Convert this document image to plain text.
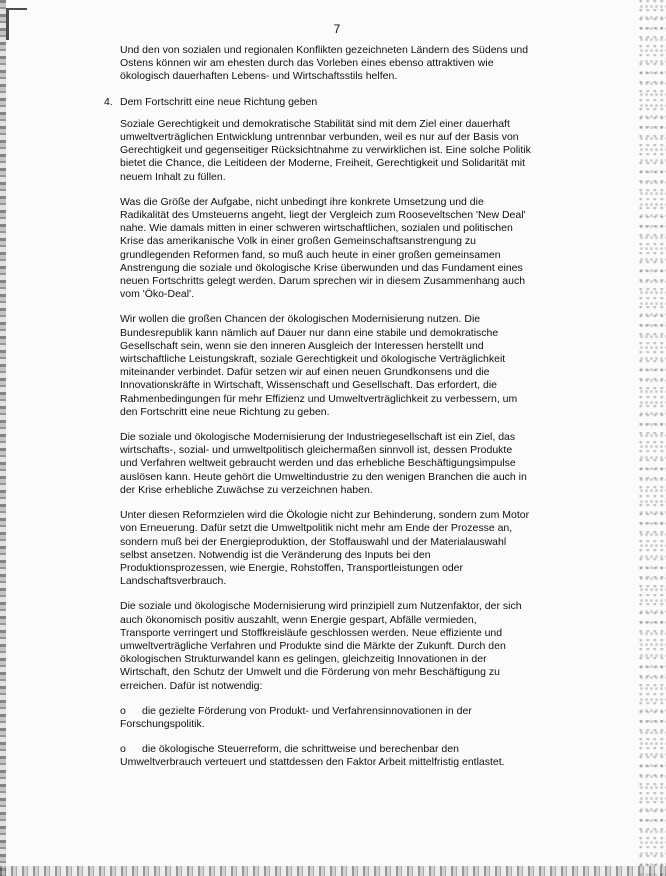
7

Und den von sozialen und regionalen Konflikten gezeichneten Ländern des Südens und
Ostens können wir am ehesten durch das Vorleben eines ebenso attraktiven wie
ökologisch dauerhaften Lebens- und Wirtschaftsstils helfen.

4. Dem Fortschritt eine neue Richtung geben

Soziale Gerechtigkeit und demokratische Stabilität sind mit dem Ziel einer dauerhaft
umweltverträglichen Entwicklung untrennbar verbunden, weil es nur auf der Basis von
Gerechtigkeit und gegenseitiger Rücksichtnahme zu verwirklichen ist. Eine solche Politik
bietet die Chance, die Leitideen der Moderne, Freiheit, Gerechtigkeit und Solidarität mit
neuem Inhalt zu füllen.

Was die Größe der Aufgabe, nicht unbedingt ihre konkrete Umsetzung und die
Radikalität des Umsteuerns angeht, liegt der Vergleich zum Rooseveltschen 'New Deal'
nahe. Wie damals mitten in einer schweren wirtschaftlichen, sozialen und politischen
Krise das amerikanische Volk in einer großen Gemeinschaftsanstrengung zu
grundlegenden Reformen fand, so muß auch heute in einer großen gemeinsamen
Anstrengung die soziale und ökologische Krise überwunden und das Fundament eines
neuen Fortschritts gelegt werden. Darum sprechen wir in diesem Zusammenhang auch
vom 'Öko-Deal'.

Wir wollen die großen Chancen der ökologischen Modernisierung nutzen. Die
Bundesrepublik kann nämlich auf Dauer nur dann eine stabile und demokratische
Gesellschaft sein, wenn sie den inneren Ausgleich der Interessen herstellt und
wirtschaftliche Leistungskraft, soziale Gerechtigkeit und ökologische Verträglichkeit
miteinander verbindet. Dafür setzen wir auf einen neuen Grundkonsens und die
Innovationskräfte in Wirtschaft, Wissenschaft und Gesellschaft. Das erfordert, die
Rahmenbedingungen für mehr Effizienz und Umweltverträglichkeit zu verbessern, um
den Fortschritt eine neue Richtung zu geben.

Die soziale und ökologische Modernisierung der Industriegesellschaft ist ein Ziel, das
wirtschafts-, sozial- und umweltpolitisch gleichermaßen sinnvoll ist, dessen Produkte
und Verfahren weltweit gebraucht werden und das erhebliche Beschäftigungsimpulse
auslösen kann. Heute gehört die Umweltindustrie zu den wenigen Branchen die auch in
der Krise erhebliche Zuwächse zu verzeichnen haben.

Unter diesen Reformzielen wird die Ökologie nicht zur Behinderung, sondern zum Motor
von Erneuerung. Dafür setzt die Umweltpolitik nicht mehr am Ende der Prozesse an,
sondern muß bei der Energieproduktion, der Stoffauswahl und der Materialauswahl
selbst ansetzen. Notwendig ist die Veränderung des Inputs bei den
Produktionsprozessen, wie Energie, Rohstoffen, Transportleistungen oder
Landschaftsverbrauch.

Die soziale und ökologische Modernisierung wird prinzipiell zum Nutzenfaktor, der sich
auch ökonomisch positiv auszahlt, wenn Energie gespart, Abfälle vermieden,
Transporte verringert und Stoffkreisläufe geschlossen werden. Neue effiziente und
umweltverträgliche Verfahren und Produkte sind die Märkte der Zukunft. Durch den
ökologischen Strukturwandel kann es gelingen, gleichzeitig Innovationen in der
Wirtschaft, den Schutz der Umwelt und die Förderung von mehr Beschäftigung zu
erreichen. Dafür ist notwendig:

o die gezielte Förderung von Produkt- und Verfahrensinnovationen in der
Forschungspolitik.
o die ökologische Steuerreform, die schrittweise und berechenbar den
Umweltverbrauch verteuert und stattdessen den Faktor Arbeit mittelfristig entlastet.
